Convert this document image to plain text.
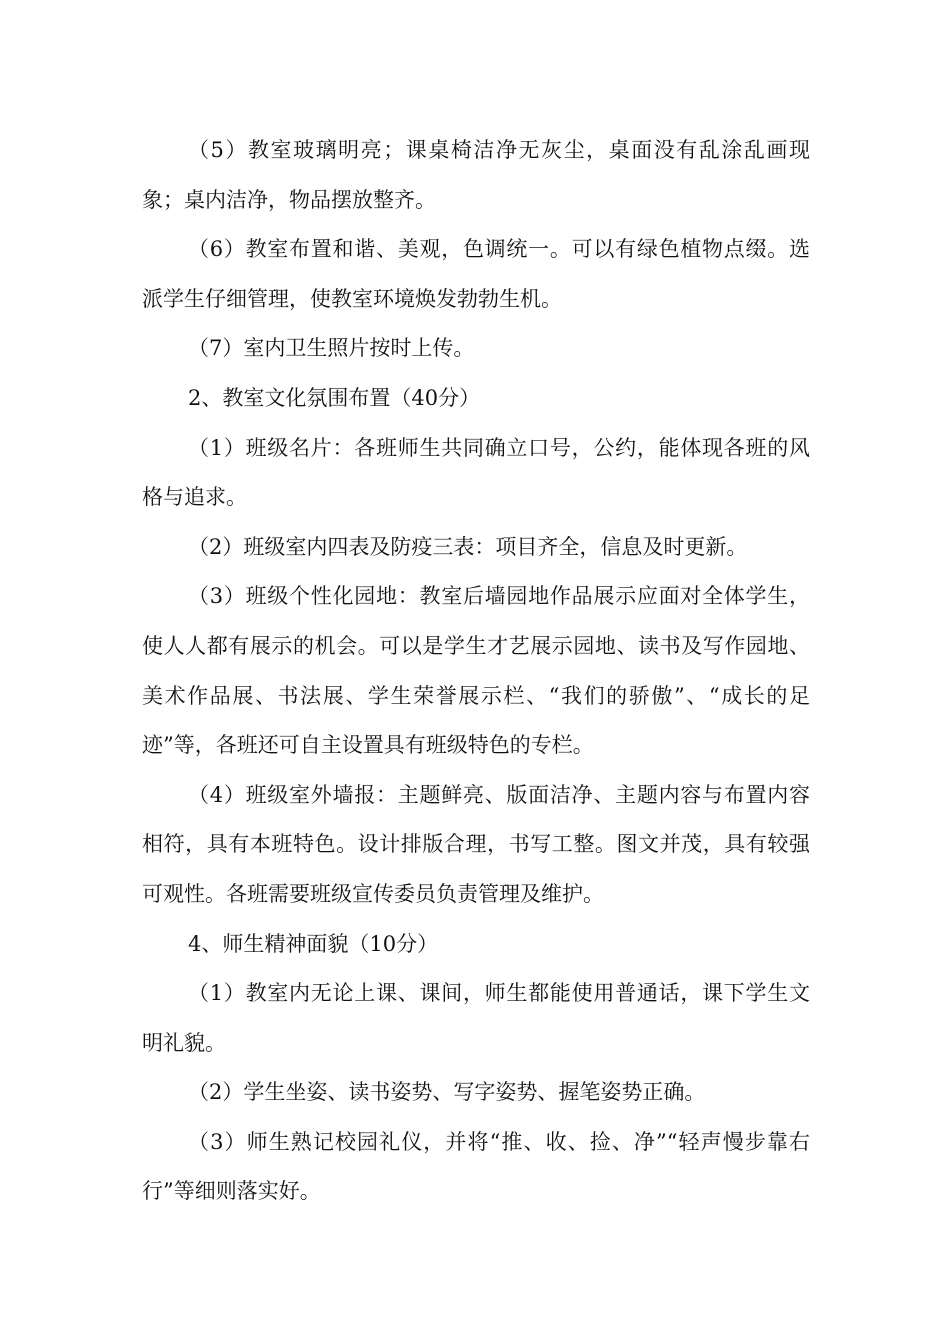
（5）教室玻璃明亮；课桌椅洁净无灰尘，桌面没有乱涂乱画现象；桌内洁净，物品摆放整齐。

（6）教室布置和谐、美观，色调统一。可以有绿色植物点缀。选派学生仔细管理，使教室环境焕发勃勃生机。

（7）室内卫生照片按时上传。

2、教室文化氛围布置（40分）

（1）班级名片：各班师生共同确立口号，公约，能体现各班的风格与追求。

（2）班级室内四表及防疫三表：项目齐全，信息及时更新。

（3）班级个性化园地：教室后墙园地作品展示应面对全体学生，使人人都有展示的机会。可以是学生才艺展示园地、读书及写作园地、美术作品展、书法展、学生荣誉展示栏、“我们的骄傲”、“成长的足迹”等，各班还可自主设置具有班级特色的专栏。

（4）班级室外墙报：主题鲜亮、版面洁净、主题内容与布置内容相符，具有本班特色。设计排版合理，书写工整。图文并茂，具有较强可观性。各班需要班级宣传委员负责管理及维护。

4、师生精神面貌（10分）

（1）教室内无论上课、课间，师生都能使用普通话，课下学生文明礼貌。

（2）学生坐姿、读书姿势、写字姿势、握笔姿势正确。

（3）师生熟记校园礼仪，并将“推、收、捡、净”“轻声慢步靠右行”等细则落实好。
